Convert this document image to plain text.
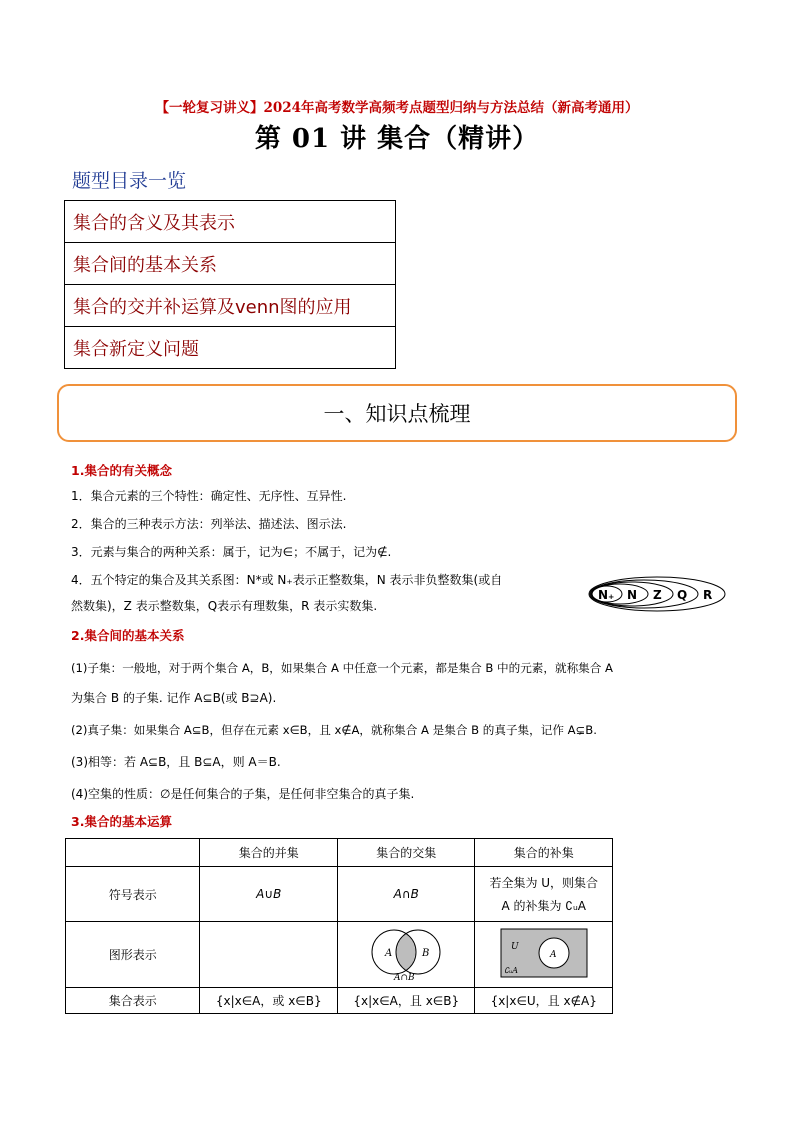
【一轮复习讲义】2024年高考数学高频考点题型归纳与方法总结（新高考通用）
第 01 讲 集合（精讲）
题型目录一览
集合的含义及其表示
集合间的基本关系
集合的交并补运算及venn图的应用
集合新定义问题
一、知识点梳理
1.集合的有关概念
1．集合元素的三个特性：确定性、无序性、互异性.
2．集合的三种表示方法：列举法、描述法、图示法.
3．元素与集合的两种关系：属于，记为∈；不属于，记为∉.
4．五个特定的集合及其关系图：N*或 N₊表示正整数集，N 表示非负整数集(或自
然数集)，Z 表示整数集，Q表示有理数集，R 表示实数集.
N₊ N Z Q R
2.集合间的基本关系
(1)子集：一般地，对于两个集合 A，B，如果集合 A 中任意一个元素，都是集合 B 中的元素，就称集合 A
为集合 B 的子集. 记作 A⊆B(或 B⊇A).
(2)真子集：如果集合 A⊆B，但存在元素 x∈B，且 x∉A，就称集合 A 是集合 B 的真子集，记作 A⊊B.
(3)相等：若 A⊆B，且 B⊆A，则 A＝B.
(4)空集的性质：∅是任何集合的子集，是任何非空集合的真子集.
3.集合的基本运算
	集合的并集	集合的交集	集合的补集
符号表示	A∪B	A∩B	若全集为 U，则集合
A 的补集为 ∁ᵤA

图形表示		A B
A∩B	U
A
∁ᵤA

集合表示	{x|x∈A，或 x∈B}	{x|x∈A，且 x∈B}	{x|x∈U，且 x∉A}
